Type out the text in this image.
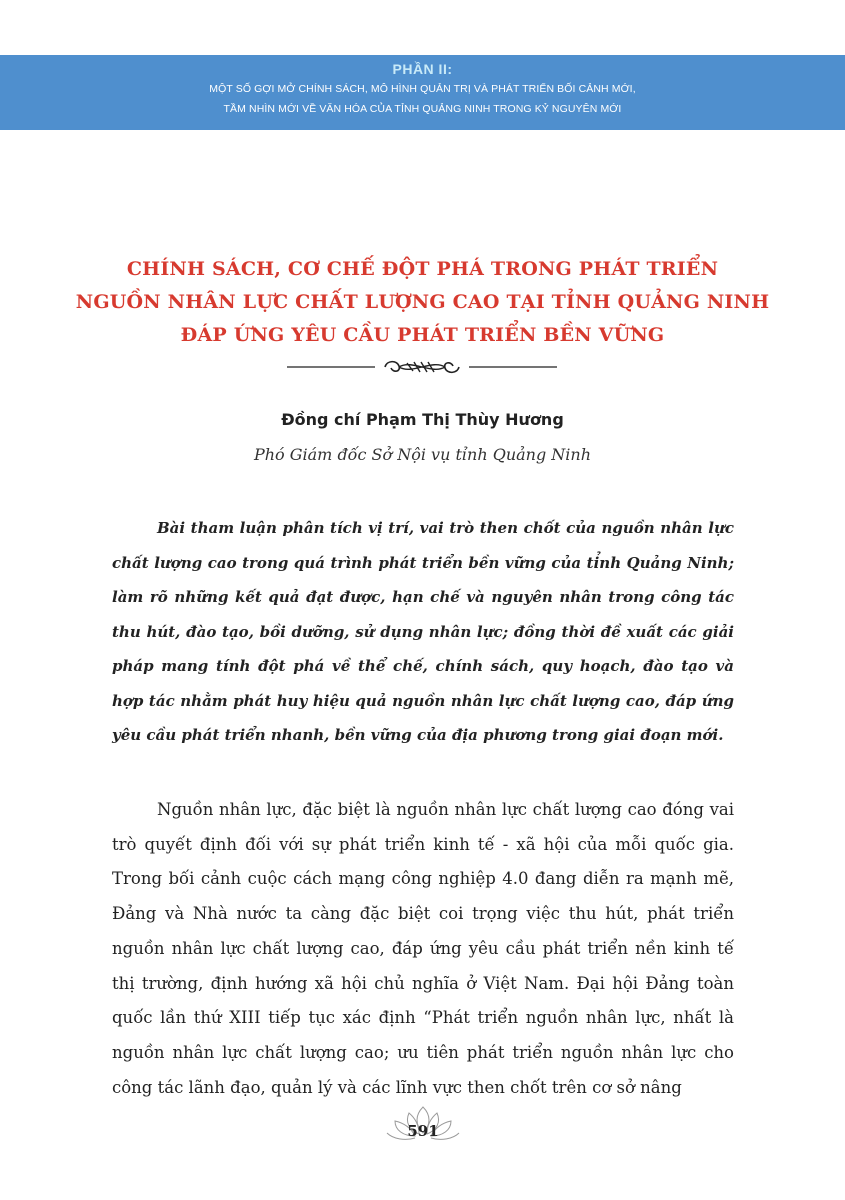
PHẦN II:
MỘT SỐ GỢI MỞ CHÍNH SÁCH, MÔ HÌNH QUẢN TRỊ VÀ PHÁT TRIỂN BỐI CẢNH MỚI,
TẦM NHÌN MỚI VỀ VĂN HÓA CỦA TỈNH QUẢNG NINH TRONG KỶ NGUYÊN MỚI
CHÍNH SÁCH, CƠ CHẾ ĐỘT PHÁ TRONG PHÁT TRIỂN
NGUỒN NHÂN LỰC CHẤT LƯỢNG CAO TẠI TỈNH QUẢNG NINH
ĐÁP ỨNG YÊU CẦU PHÁT TRIỂN BỀN VỮNG
Đồng chí Phạm Thị Thùy Hương
Phó Giám đốc Sở Nội vụ tỉnh Quảng Ninh

Bài tham luận phân tích vị trí, vai trò then chốt của nguồn nhân lực chất lượng cao trong quá trình phát triển bền vững của tỉnh Quảng Ninh; làm rõ những kết quả đạt được, hạn chế và nguyên nhân trong công tác thu hút, đào tạo, bồi dưỡng, sử dụng nhân lực; đồng thời đề xuất các giải pháp mang tính đột phá về thể chế, chính sách, quy hoạch, đào tạo và hợp tác nhằm phát huy hiệu quả nguồn nhân lực chất lượng cao, đáp ứng yêu cầu phát triển nhanh, bền vững của địa phương trong giai đoạn mới.

Nguồn nhân lực, đặc biệt là nguồn nhân lực chất lượng cao đóng vai trò quyết định đối với sự phát triển kinh tế - xã hội của mỗi quốc gia. Trong bối cảnh cuộc cách mạng công nghiệp 4.0 đang diễn ra mạnh mẽ, Đảng và Nhà nước ta càng đặc biệt coi trọng việc thu hút, phát triển nguồn nhân lực chất lượng cao, đáp ứng yêu cầu phát triển nền kinh tế thị trường, định hướng xã hội chủ nghĩa ở Việt Nam. Đại hội Đảng toàn quốc lần thứ XIII tiếp tục xác định “Phát triển nguồn nhân lực, nhất là nguồn nhân lực chất lượng cao; ưu tiên phát triển nguồn nhân lực cho công tác lãnh đạo, quản lý và các lĩnh vực then chốt trên cơ sở nâng

591
